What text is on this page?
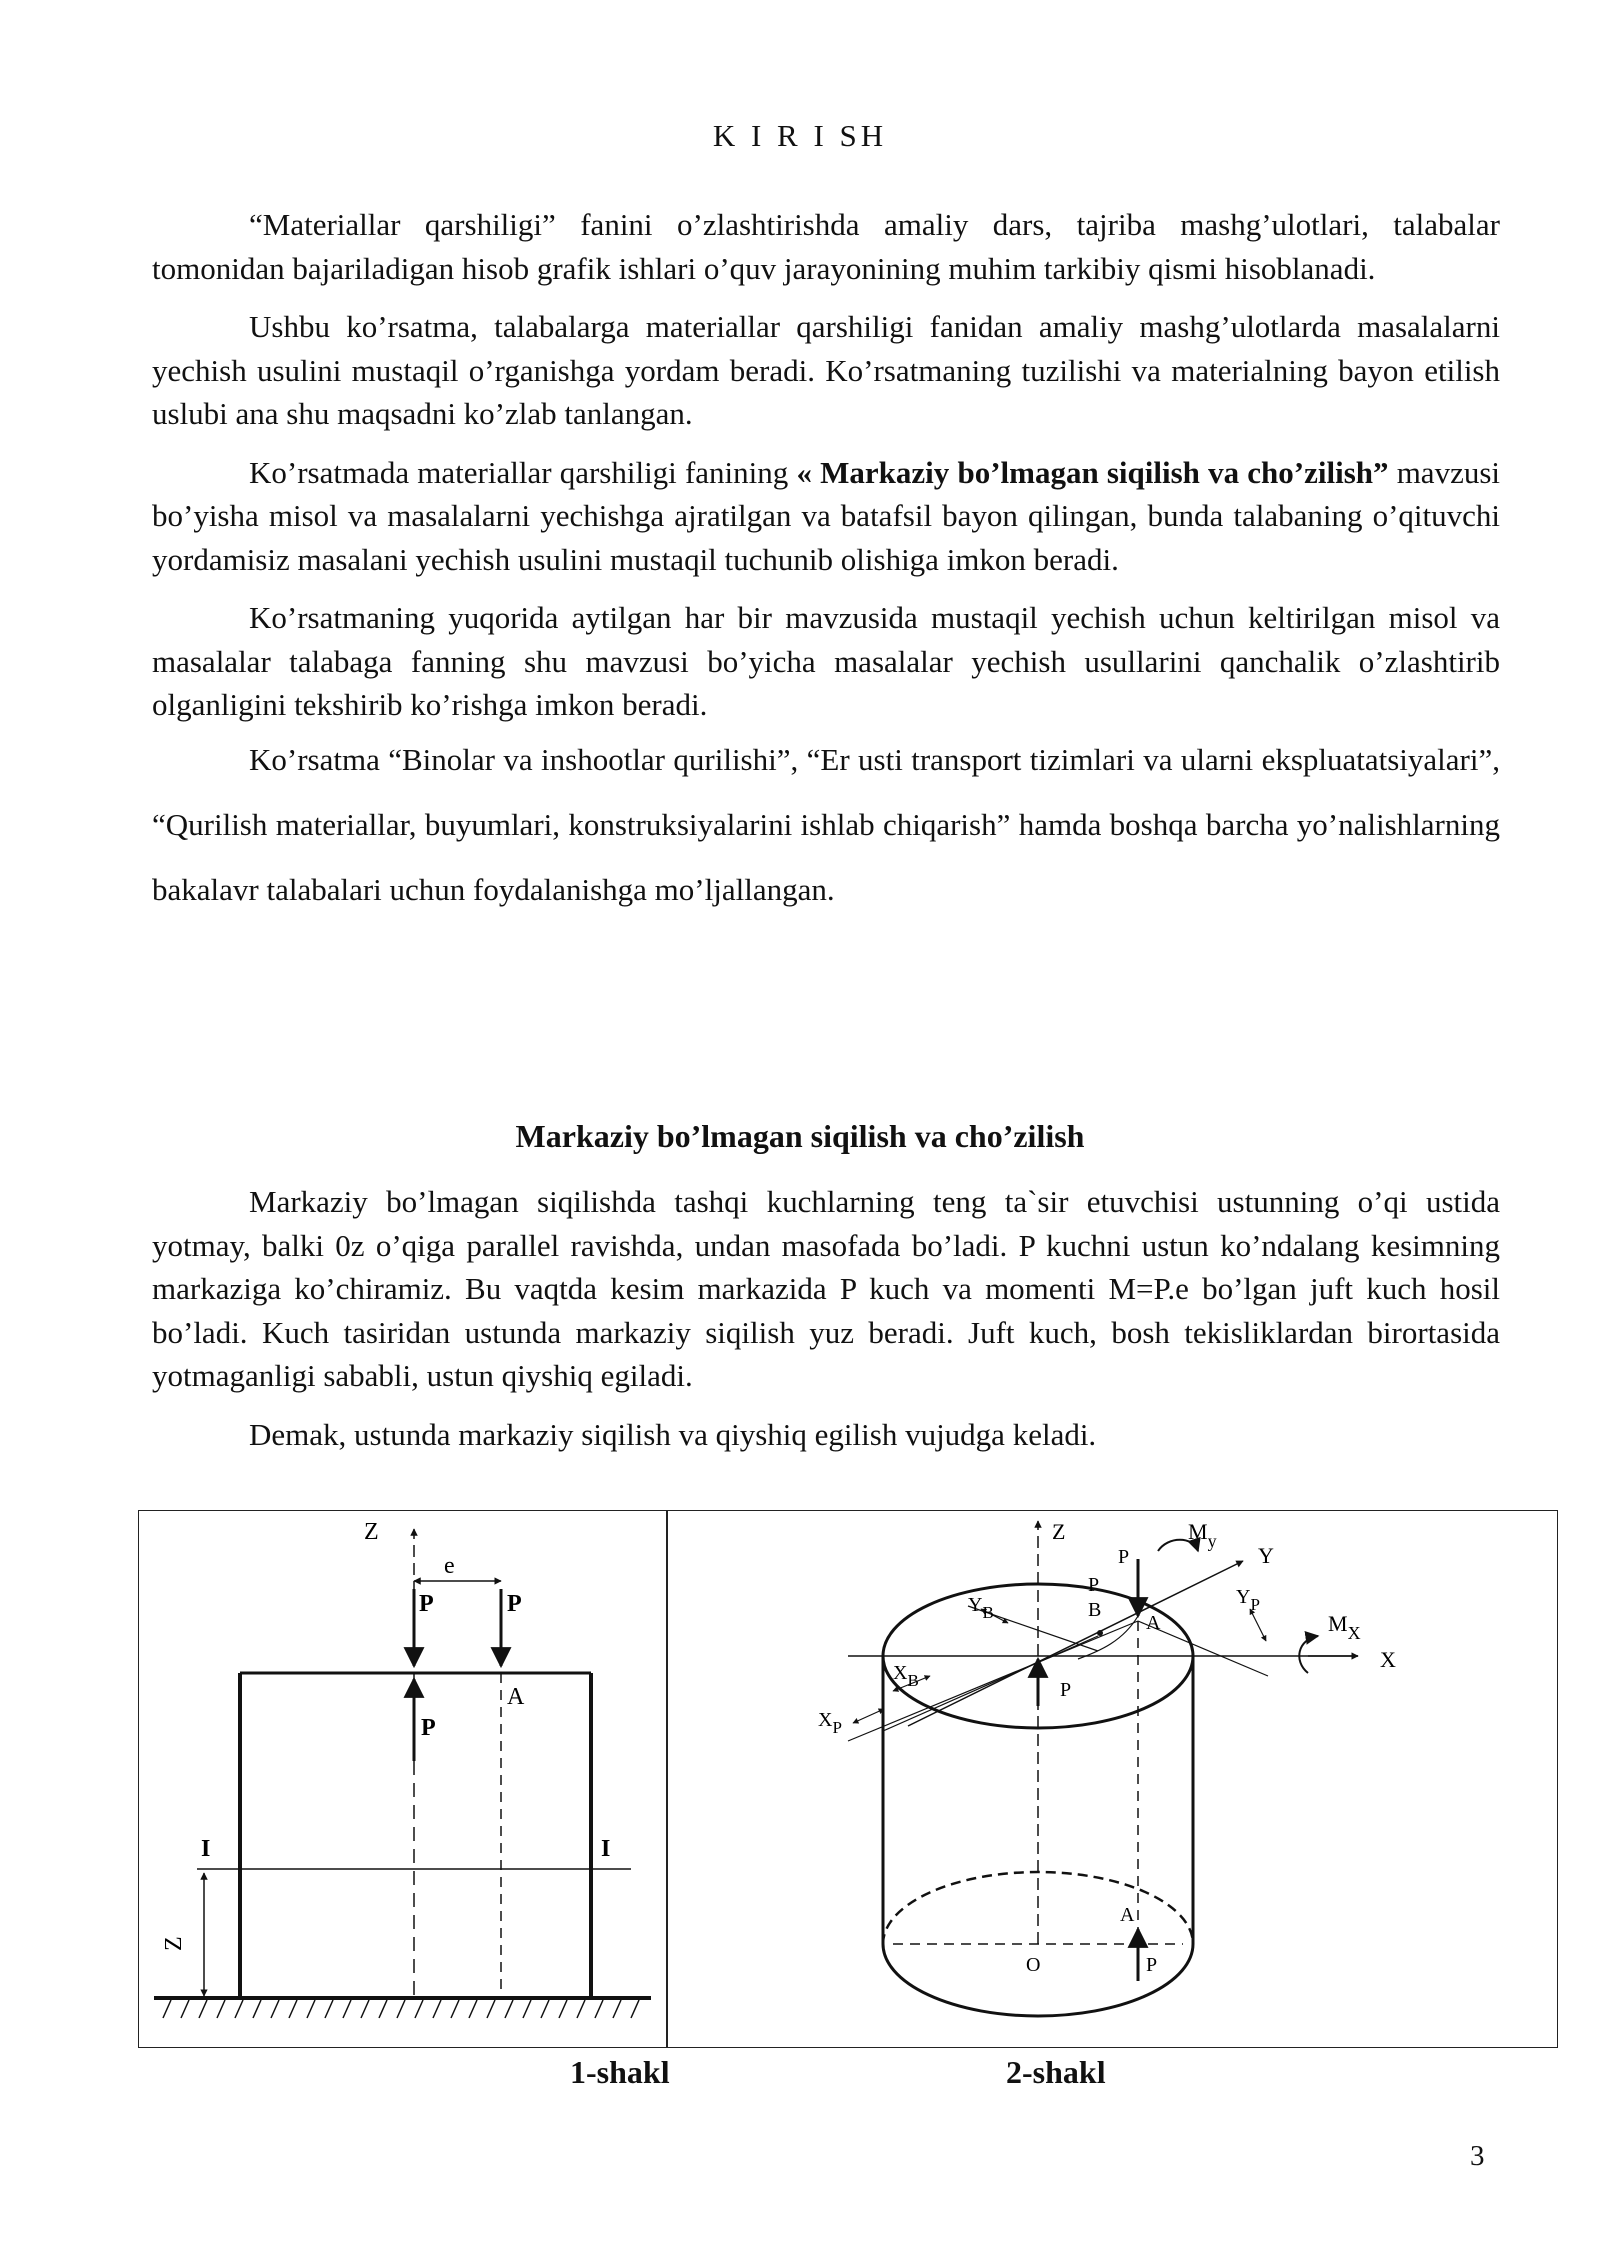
K I R I SH

“Materiallar qarshiligi” fanini o’zlashtirishda amaliy dars, tajriba mashg’ulotlari, talabalar tomonidan bajariladigan hisob grafik ishlari o’quv jarayonining muhim tarkibiy qismi hisoblanadi.

Ushbu ko’rsatma, talabalarga materiallar qarshiligi fanidan amaliy mashg’ulotlarda masalalarni yechish usulini mustaqil o’rganishga yordam beradi. Ko’rsatmaning tuzilishi va materialning bayon etilish uslubi ana shu maqsadni ko’zlab tanlangan.

Ko’rsatmada materiallar qarshiligi fanining « Markaziy bo’lmagan siqilish va cho’zilish” mavzusi bo’yisha misol va masalalarni yechishga ajratilgan va batafsil bayon qilingan, bunda talabaning o’qituvchi yordamisiz masalani yechish usulini mustaqil tuchunib olishiga imkon beradi.

Ko’rsatmaning yuqorida aytilgan har bir mavzusida mustaqil yechish uchun keltirilgan misol va masalalar talabaga fanning shu mavzusi bo’yicha masalalar yechish usullarini qanchalik o’zlashtirib olganligini tekshirib ko’rishga imkon beradi.

Ko’rsatma “Binolar va inshootlar qurilishi”, “Er usti transport tizimlari va ularni ekspluatatsiyalari”, “Qurilish materiallar, buyumlari, konstruksiyalarini ishlab chiqarish” hamda boshqa barcha yo’nalishlarning bakalavr talabalari uchun foydalanishga mo’ljallangan.

Markaziy bo’lmagan siqilish va cho’zilish

Markaziy bo’lmagan siqilishda tashqi kuchlarning teng ta`sir etuvchisi ustunning o’qi ustida yotmay, balki 0z o’qiga parallel ravishda, undan masofada bo’ladi. P kuchni ustun ko’ndalang kesimning markaziga ko’chiramiz. Bu vaqtda kesim markazida P kuch va momenti M=P.e bo’lgan juft kuch hosil bo’ladi. Kuch tasiridan ustunda markaziy siqilish yuz beradi. Juft kuch, bosh tekisliklardan birortasida yotmaganligi sababli, ustun qiyshiq egiladi.

Demak, ustunda markaziy siqilish va qiyshiq egilish vujudga keladi.

Z
e
P	P
P
A
I	I
Z
Z
X
Y
P
A
P
B
P
$M_y$
$M_X$
$Y_B$
$X_B$
$X_P$
$Y_P$
P
A
O
1-shakl	2-shakl
3
